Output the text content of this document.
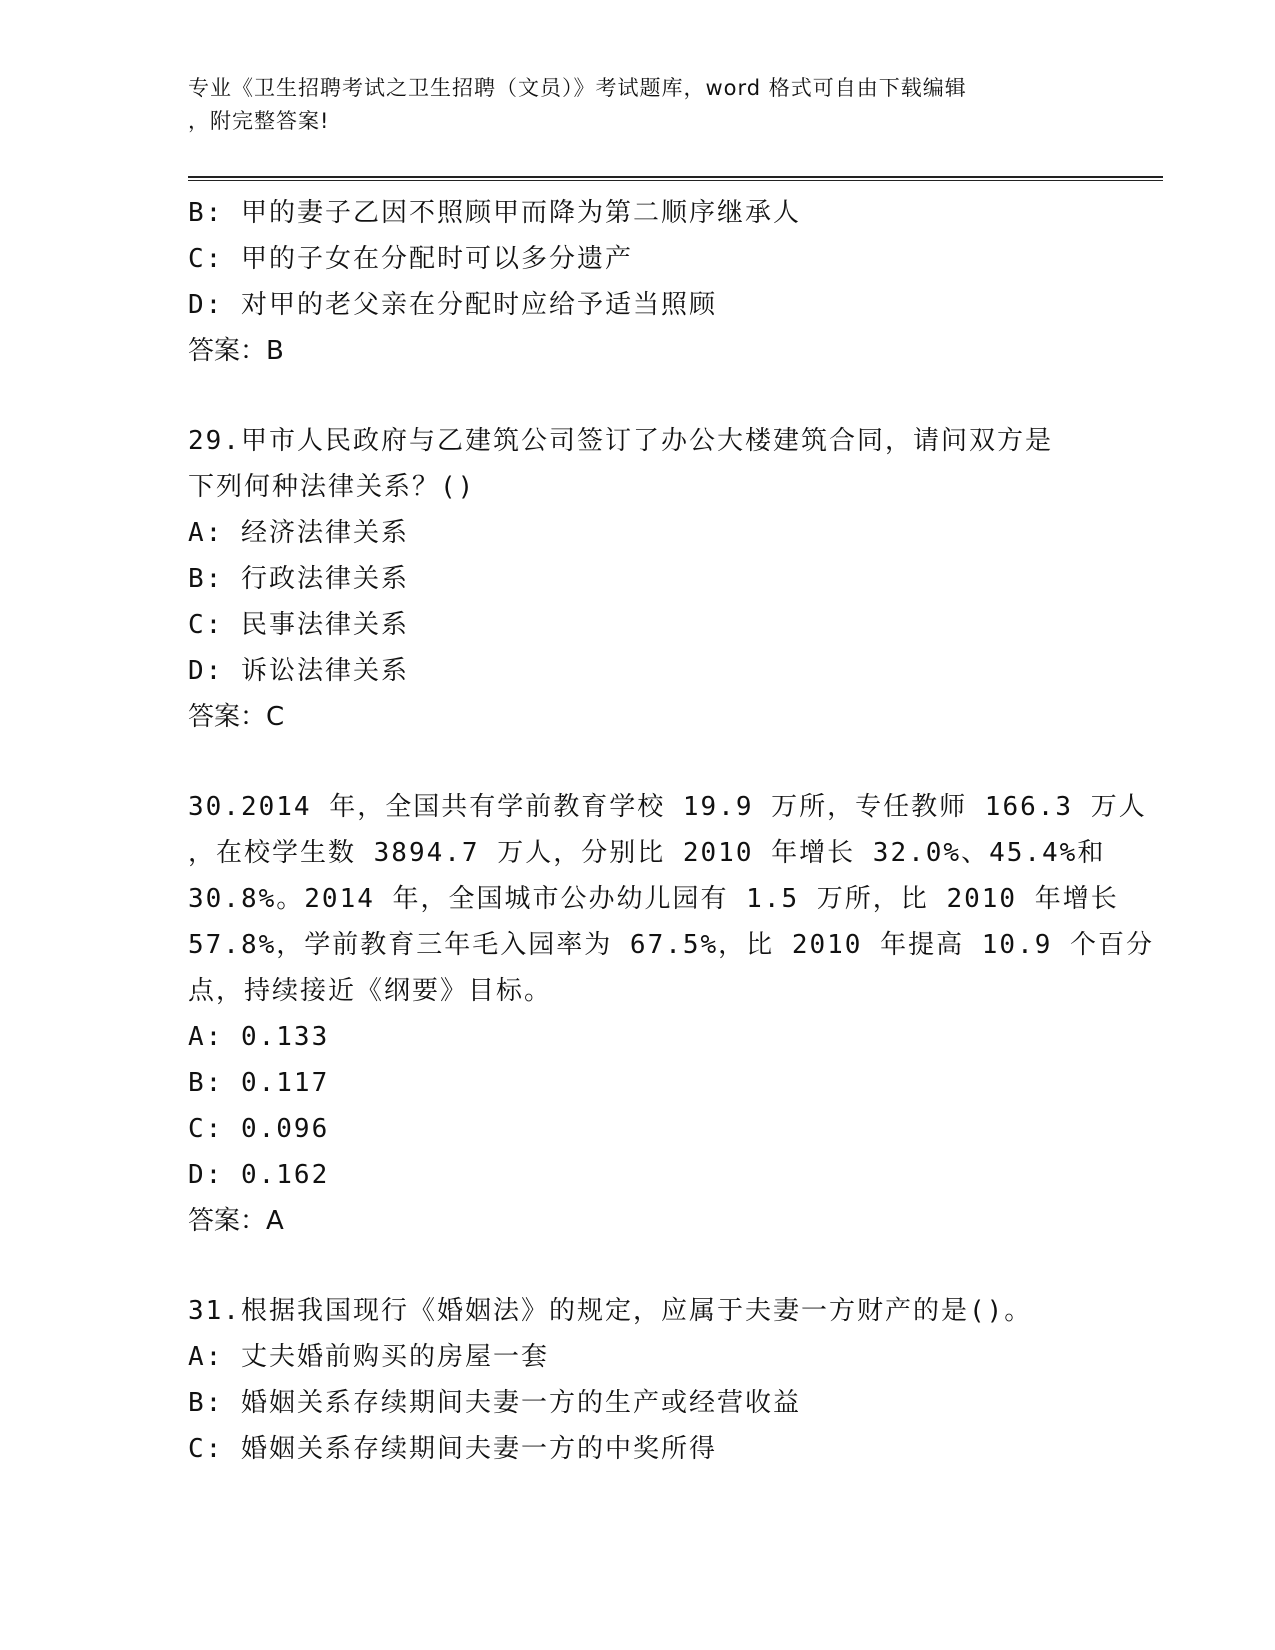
专业《卫生招聘考试之卫生招聘（文员）》考试题库，word 格式可自由下载编辑
，附完整答案!
B: 甲的妻子乙因不照顾甲而降为第二顺序继承人
C: 甲的子女在分配时可以多分遗产
D: 对甲的老父亲在分配时应给予适当照顾
答案：B
29.甲市人民政府与乙建筑公司签订了办公大楼建筑合同，请问双方是
下列何种法律关系？()
A: 经济法律关系
B: 行政法律关系
C: 民事法律关系
D: 诉讼法律关系
答案：C
30.2014 年，全国共有学前教育学校 19.9 万所，专任教师 166.3 万人
，在校学生数 3894.7 万人，分别比 2010 年增长 32.0%、45.4%和
30.8%。2014 年，全国城市公办幼儿园有 1.5 万所，比 2010 年增长
57.8%，学前教育三年毛入园率为 67.5%，比 2010 年提高 10.9 个百分
点，持续接近《纲要》目标。
A: 0.133
B: 0.117
C: 0.096
D: 0.162
答案：A
31.根据我国现行《婚姻法》的规定，应属于夫妻一方财产的是()。
A: 丈夫婚前购买的房屋一套
B: 婚姻关系存续期间夫妻一方的生产或经营收益
C: 婚姻关系存续期间夫妻一方的中奖所得
